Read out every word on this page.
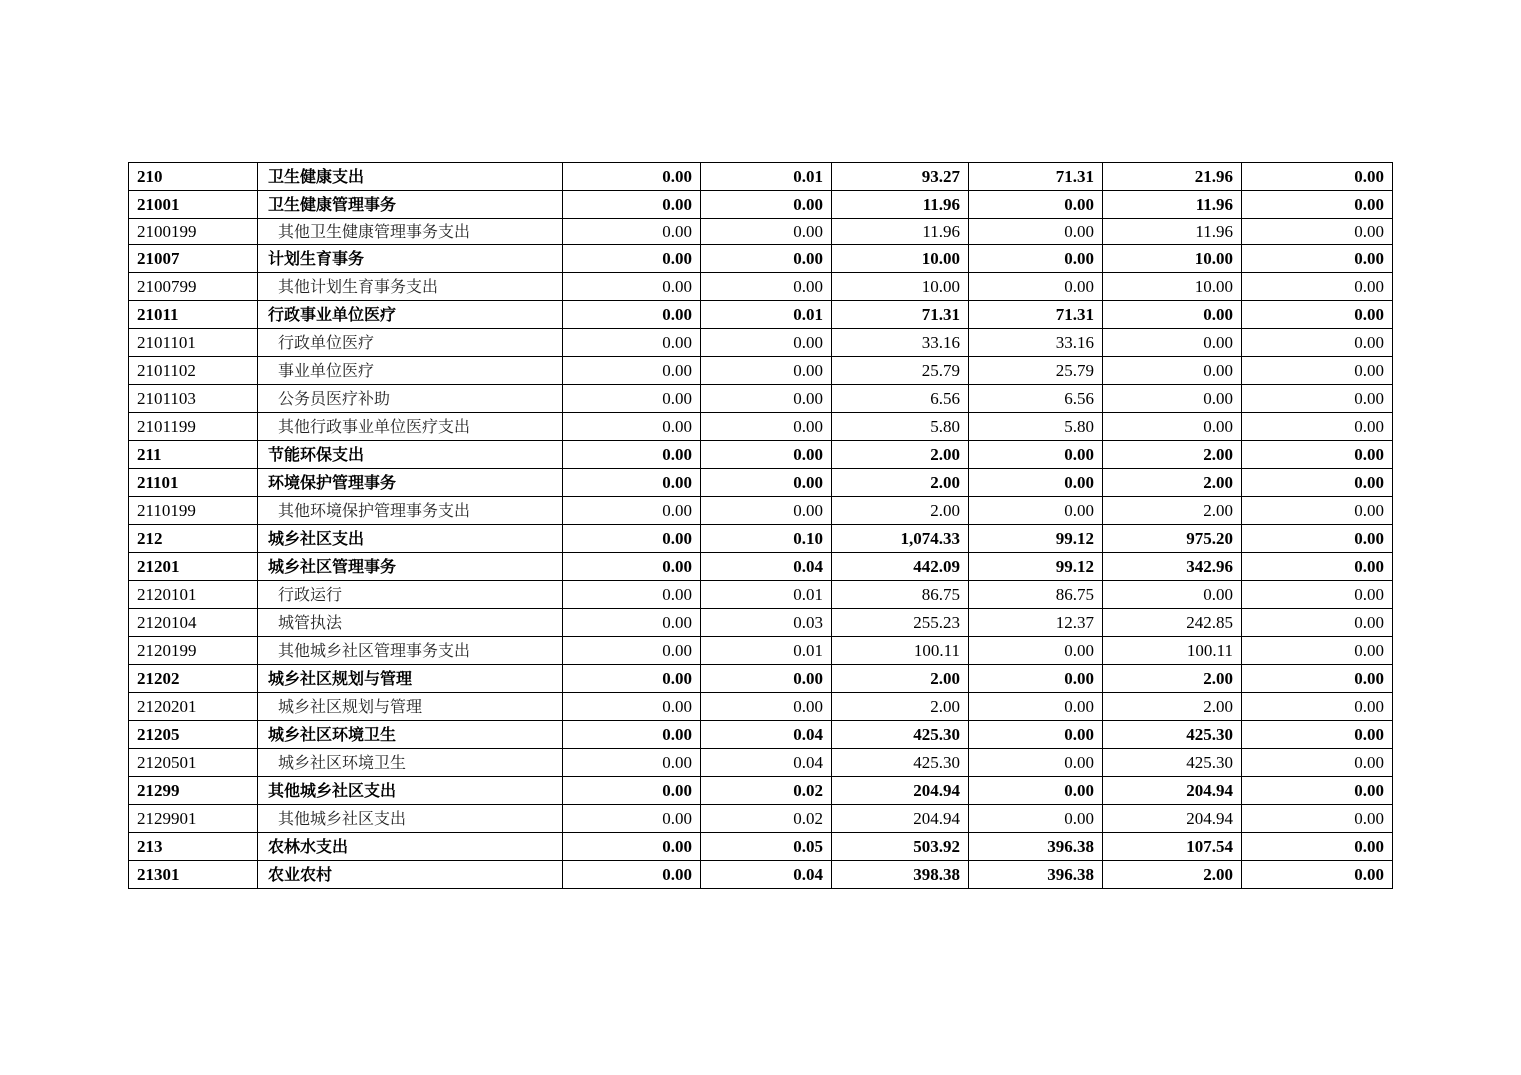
210	卫生健康支出	0.00	0.01	93.27	71.31	21.96	0.00
21001	卫生健康管理事务	0.00	0.00	11.96	0.00	11.96	0.00
2100199	其他卫生健康管理事务支出	0.00	0.00	11.96	0.00	11.96	0.00
21007	计划生育事务	0.00	0.00	10.00	0.00	10.00	0.00
2100799	其他计划生育事务支出	0.00	0.00	10.00	0.00	10.00	0.00
21011	行政事业单位医疗	0.00	0.01	71.31	71.31	0.00	0.00
2101101	行政单位医疗	0.00	0.00	33.16	33.16	0.00	0.00
2101102	事业单位医疗	0.00	0.00	25.79	25.79	0.00	0.00
2101103	公务员医疗补助	0.00	0.00	6.56	6.56	0.00	0.00
2101199	其他行政事业单位医疗支出	0.00	0.00	5.80	5.80	0.00	0.00
211	节能环保支出	0.00	0.00	2.00	0.00	2.00	0.00
21101	环境保护管理事务	0.00	0.00	2.00	0.00	2.00	0.00
2110199	其他环境保护管理事务支出	0.00	0.00	2.00	0.00	2.00	0.00
212	城乡社区支出	0.00	0.10	1,074.33	99.12	975.20	0.00
21201	城乡社区管理事务	0.00	0.04	442.09	99.12	342.96	0.00
2120101	行政运行	0.00	0.01	86.75	86.75	0.00	0.00
2120104	城管执法	0.00	0.03	255.23	12.37	242.85	0.00
2120199	其他城乡社区管理事务支出	0.00	0.01	100.11	0.00	100.11	0.00
21202	城乡社区规划与管理	0.00	0.00	2.00	0.00	2.00	0.00
2120201	城乡社区规划与管理	0.00	0.00	2.00	0.00	2.00	0.00
21205	城乡社区环境卫生	0.00	0.04	425.30	0.00	425.30	0.00
2120501	城乡社区环境卫生	0.00	0.04	425.30	0.00	425.30	0.00
21299	其他城乡社区支出	0.00	0.02	204.94	0.00	204.94	0.00
2129901	其他城乡社区支出	0.00	0.02	204.94	0.00	204.94	0.00
213	农林水支出	0.00	0.05	503.92	396.38	107.54	0.00
21301	农业农村	0.00	0.04	398.38	396.38	2.00	0.00
